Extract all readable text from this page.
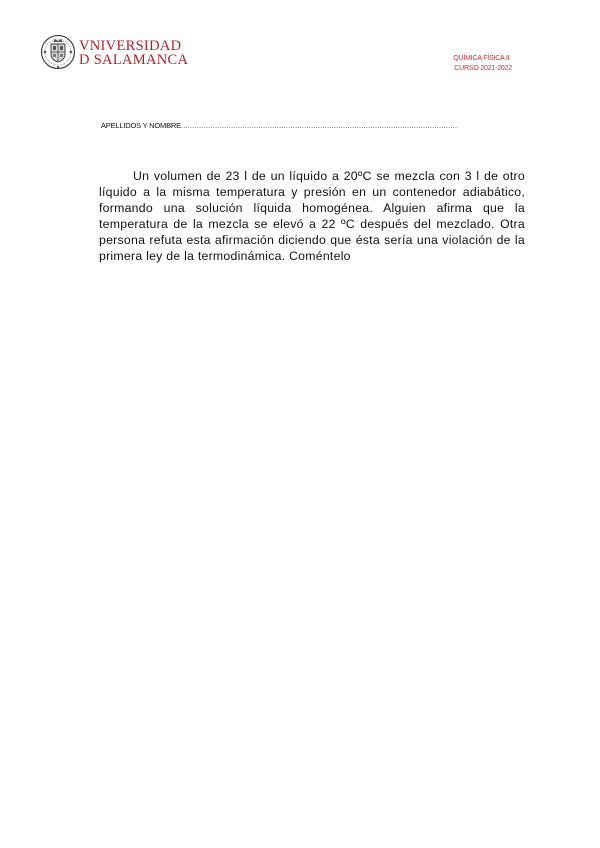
VNIVERSIDAD
D SALAMANCA	QUÍMICA FÍSICA II
CURSO 2021-2022
APELLIDOS Y NOMBRE.........................................................................................................................

Un volumen de 23 l de un líquido a 20ºC se mezcla con 3 l de otro líquido a la misma temperatura y presión en un contenedor adiabático, formando una solución líquida homogénea. Alguien afirma que la temperatura de la mezcla se elevó a 22 ºC después del mezclado. Otra persona refuta esta afirmación diciendo que ésta sería una violación de la primera ley de la termodinámica. Coméntelo
